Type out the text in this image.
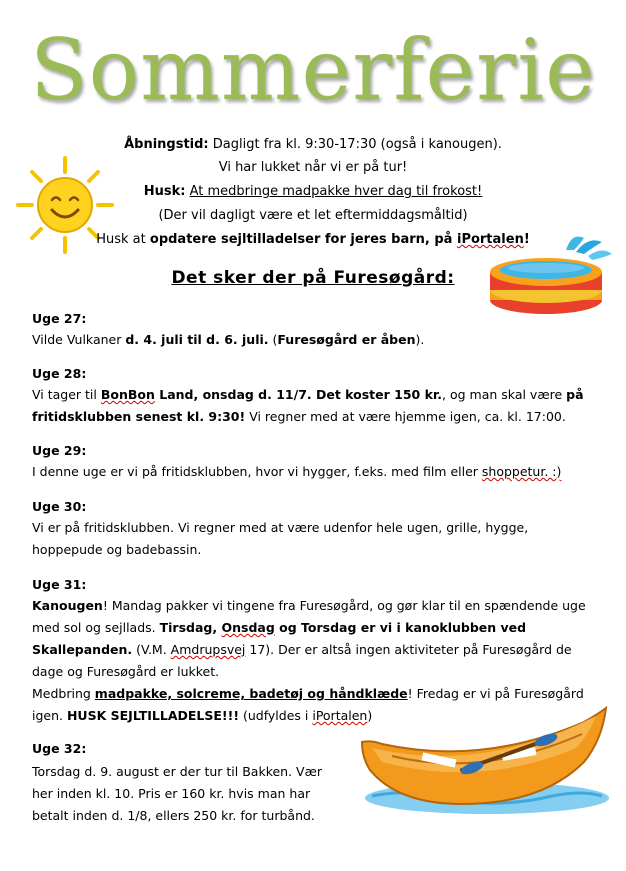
Sommerferie
Åbningstid: Dagligt fra kl. 9:30-17:30 (også i kanougen).
Vi har lukket når vi er på tur!
Husk: At medbringe madpakke hver dag til frokost!
(Der vil dagligt være et let eftermiddagsmåltid)
Husk at opdatere sejltilladelser for jeres barn, på iPortalen!
Det sker der på Furesøgård:
Uge 27:
Vilde Vulkaner d. 4. juli til d. 6. juli. (Furesøgård er åben).
Uge 28:
Vi tager til BonBon Land, onsdag d. 11/7. Det koster 150 kr., og man skal være på
fritidsklubben senest kl. 9:30! Vi regner med at være hjemme igen, ca. kl. 17:00.
Uge 29:
I denne uge er vi på fritidsklubben, hvor vi hygger, f.eks. med film eller shoppetur. :)
Uge 30:
Vi er på fritidsklubben. Vi regner med at være udenfor hele ugen, grille, hygge,
hoppepude og badebassin.
Uge 31:
Kanougen! Mandag pakker vi tingene fra Furesøgård, og gør klar til en spændende uge
med sol og sejllads. Tirsdag, Onsdag og Torsdag er vi i kanoklubben ved
Skallepanden. (V.M. Amdrupsvej 17). Der er altså ingen aktiviteter på Furesøgård de
dage og Furesøgård er lukket.
Medbring madpakke, solcreme, badetøj og håndklæde! Fredag er vi på Furesøgård
igen. HUSK SEJLTILLADELSE!!! (udfyldes i iPortalen)
Uge 32:
Torsdag d. 9. august er der tur til Bakken. Vær
her inden kl. 10. Pris er 160 kr. hvis man har
betalt inden d. 1/8, ellers 250 kr. for turbånd.
